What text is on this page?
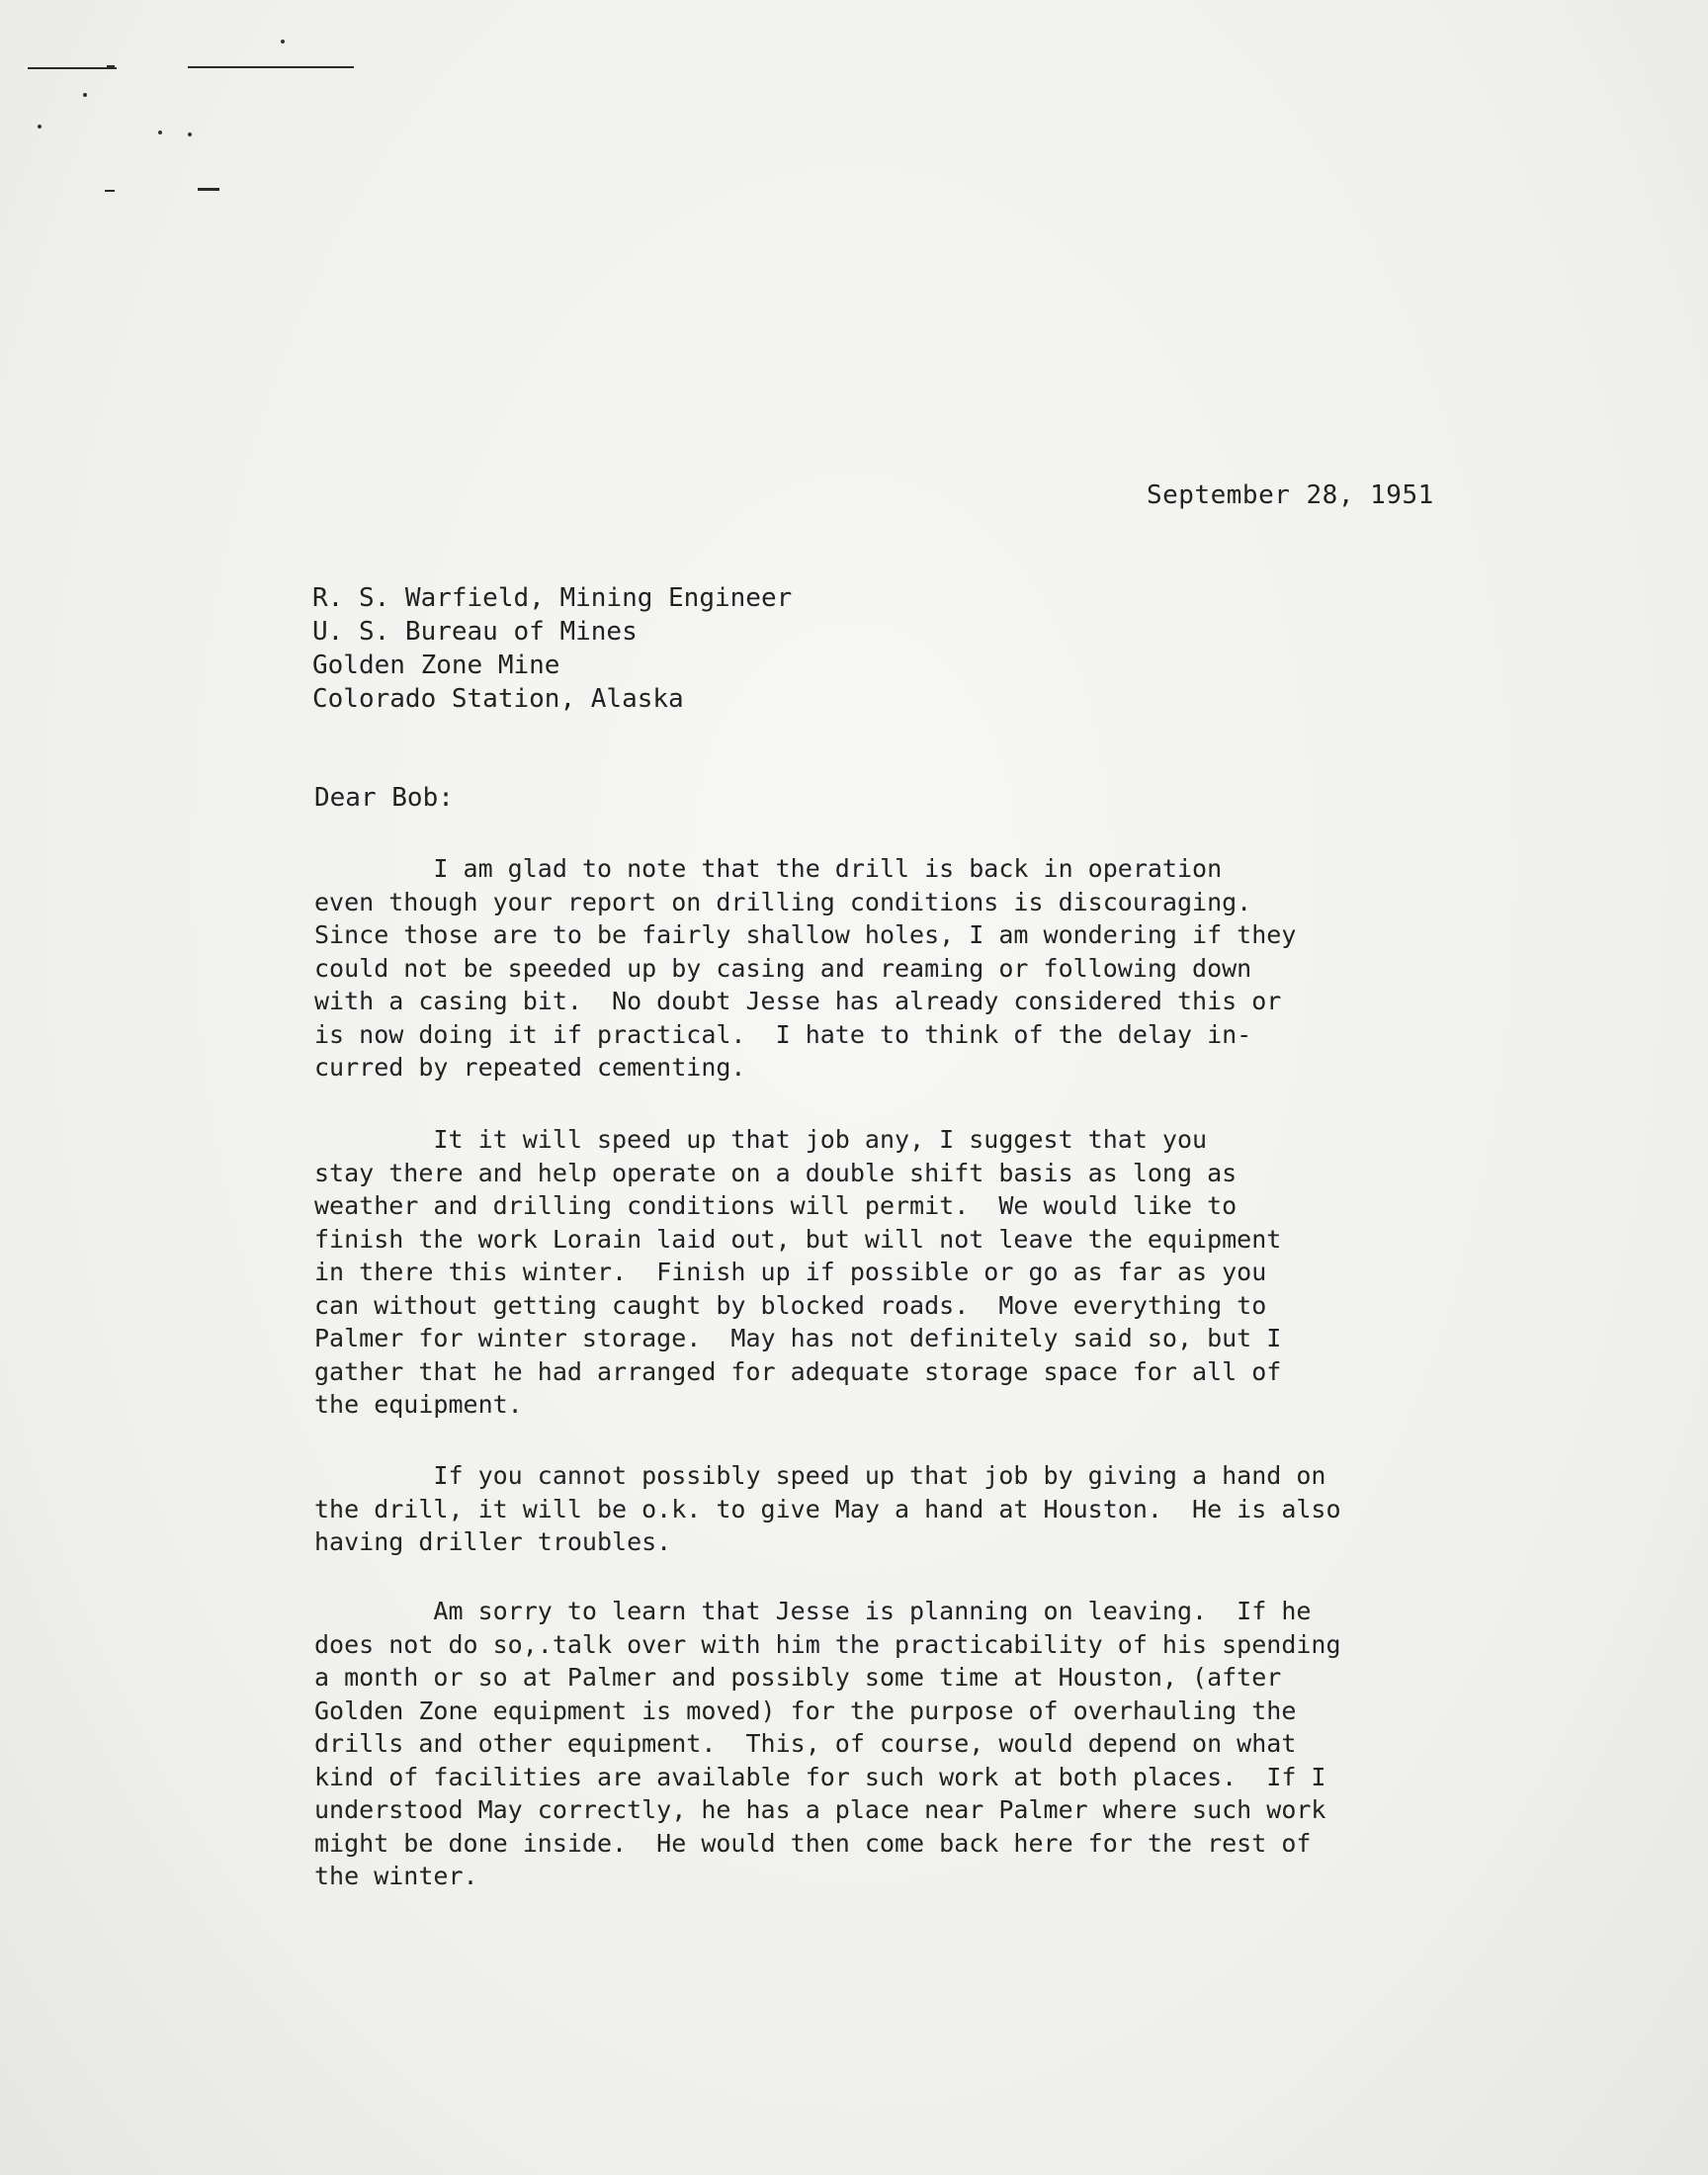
September 28, 1951
R. S. Warfield, Mining Engineer
U. S. Bureau of Mines
Golden Zone Mine
Colorado Station, Alaska
Dear Bob:
I am glad to note that the drill is back in operation
even though your report on drilling conditions is discouraging.
Since those are to be fairly shallow holes, I am wondering if they
could not be speeded up by casing and reaming or following down
with a casing bit.  No doubt Jesse has already considered this or
is now doing it if practical.  I hate to think of the delay in-
curred by repeated cementing.
It it will speed up that job any, I suggest that you
stay there and help operate on a double shift basis as long as
weather and drilling conditions will permit.  We would like to
finish the work Lorain laid out, but will not leave the equipment
in there this winter.  Finish up if possible or go as far as you
can without getting caught by blocked roads.  Move everything to
Palmer for winter storage.  May has not definitely said so, but I
gather that he had arranged for adequate storage space for all of
the equipment.
If you cannot possibly speed up that job by giving a hand on
the drill, it will be o.k. to give May a hand at Houston.  He is also
having driller troubles.
Am sorry to learn that Jesse is planning on leaving.  If he
does not do so,.talk over with him the practicability of his spending
a month or so at Palmer and possibly some time at Houston, (after
Golden Zone equipment is moved) for the purpose of overhauling the
drills and other equipment.  This, of course, would depend on what
kind of facilities are available for such work at both places.  If I
understood May correctly, he has a place near Palmer where such work
might be done inside.  He would then come back here for the rest of
the winter.
